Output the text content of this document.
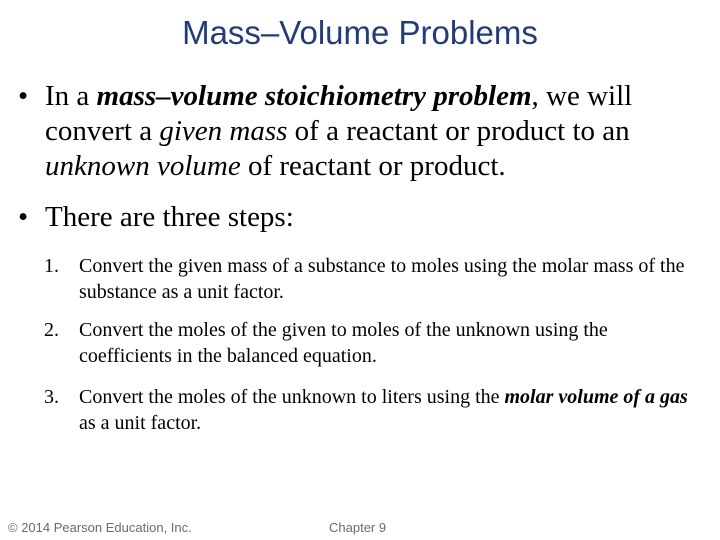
Mass–Volume Problems
• In a mass–volume stoichiometry problem, we will convert a given mass of a reactant or product to an unknown volume of reactant or product.
• There are three steps:
1. Convert the given mass of a substance to moles using the molar mass of the substance as a unit factor.
2. Convert the moles of the given to moles of the unknown using the coefficients in the balanced equation.
3. Convert the moles of the unknown to liters using the molar volume of a gas as a unit factor.
© 2014 Pearson Education, Inc.	Chapter 9
